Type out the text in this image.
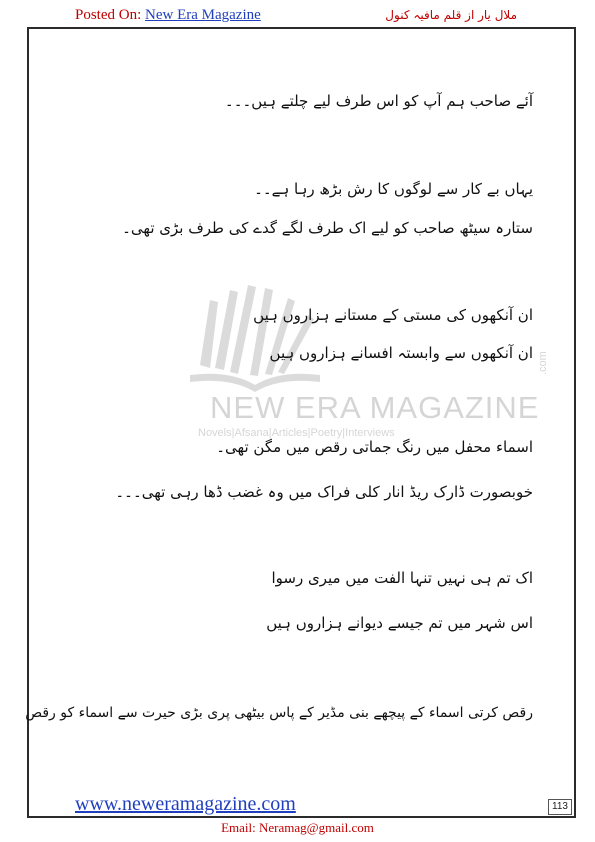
Posted On: New Era Magazine	ملال یار از قلم مافیہ کنول
NEW ERA MAGAZINE
.com
Novels|Afsana|Articles|Poetry|Interviews
آئے صاحب ہم آپ کو اس طرف لیے چلتے ہیں۔۔۔
یہاں بے کار سے لوگوں کا رش بڑھ رہا ہے۔۔
ستارہ سیٹھ صاحب کو لیے اک طرف لگے گدے کی طرف بڑی تھی۔
ان آنکھوں کی مستی کے مستانے ہزاروں ہیں
ان آنکھوں سے وابستہ افسانے ہزاروں ہیں
اسماء محفل میں رنگ جماتی رقص میں مگن تھی۔
خوبصورت ڈارک ریڈ انار کلی فراک میں وہ غضب ڈھا رہی تھی۔۔۔
اک تم ہی نہیں تنہا الفت میں میری رسوا
اس شہر میں تم جیسے دیوانے ہزاروں ہیں
رقص کرتی اسماء کے پیچھے بنی مڈیر کے پاس بیٹھی پری بڑی حیرت سے اسماء کو رقص
www.neweramagazine.com	113
Email: Neramag@gmail.com
